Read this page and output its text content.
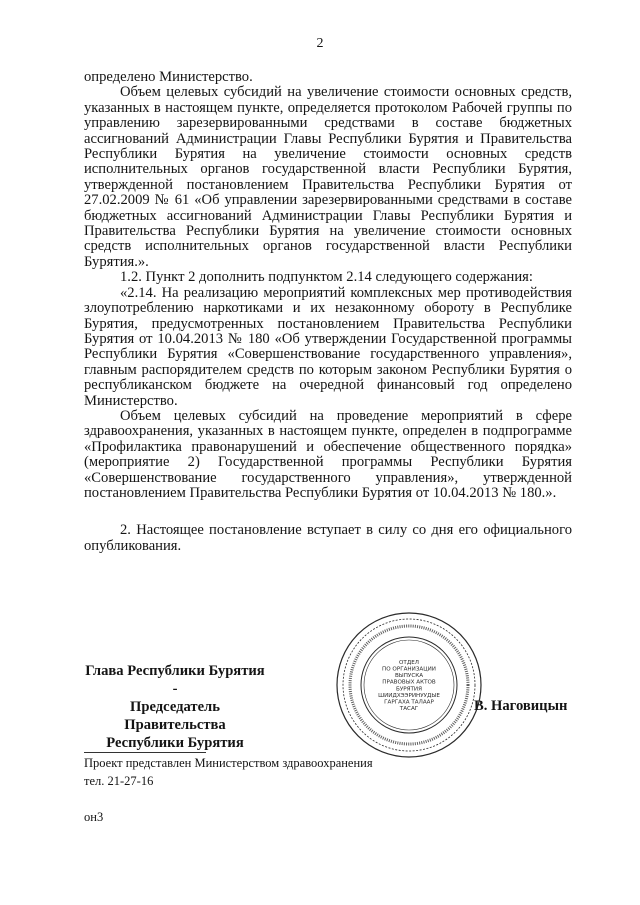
2

определено Министерство.

Объем целевых субсидий на увеличение стоимости основных средств, указанных в настоящем пункте, определяется протоколом Рабочей группы по управлению зарезервированными средствами в составе бюджетных ассигнований Администрации Главы Республики Бурятия и Правительства Республики Бурятия на увеличение стоимости основных средств исполнительных органов государственной власти Республики Бурятия, утвержденной постановлением Правительства Республики Бурятия от 27.02.2009 № 61 «Об управлении зарезервированными средствами в составе бюджетных ассигнований Администрации Главы Республики Бурятия и Правительства Республики Бурятия на увеличение стоимости основных средств исполнительных органов государственной власти Республики Бурятия.».

1.2. Пункт 2 дополнить подпунктом 2.14 следующего содержания:

«2.14. На реализацию мероприятий комплексных мер противодействия злоупотреблению наркотиками и их незаконному обороту в Республике Бурятия, предусмотренных постановлением Правительства Республики Бурятия от 10.04.2013 № 180 «Об утверждении Государственной программы Республики Бурятия «Совершенствование государственного управления», главным распорядителем средств по которым законом Республики Бурятия о республиканском бюджете на очередной финансовый год определено Министерство.

Объем целевых субсидий на проведение мероприятий в сфере здравоохранения, указанных в настоящем пункте, определен в подпрограмме «Профилактика правонарушений и обеспечение общественного порядка» (мероприятие 2) Государственной программы Республики Бурятия «Совершенствование государственного управления», утвержденной постановлением Правительства Республики Бурятия от 10.04.2013 № 180.».

2. Настоящее постановление вступает в силу со дня его официального опубликования.

ОТДЕЛ
ПО ОРГАНИЗАЦИИ
ВЫПУСКА
ПРАВОВЫХ АКТОВ
БУРЯТИЯ
ШИИДХЭЭРИНУУДЫЕ
ГАРГАХА ТАЛААР
ТАСАГ
Глава Республики Бурятия -
Председатель Правительства
Республики Бурятия
В. Наговицын
Проект представлен Министерством здравоохранения
тел. 21-27-16
он3
